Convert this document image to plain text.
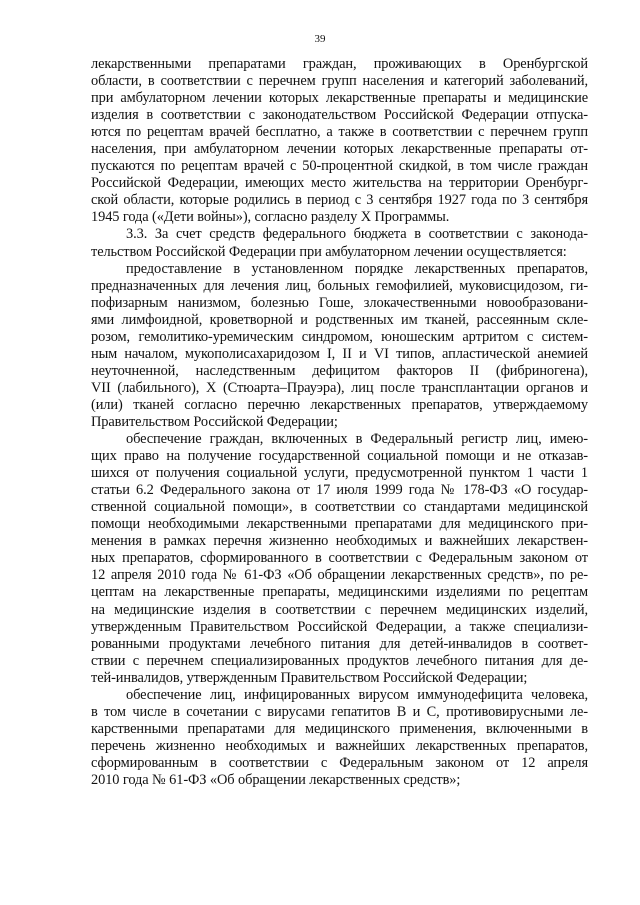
39
лекарственными препаратами граждан, проживающих в Оренбургской
области, в соответствии с перечнем групп населения и категорий заболеваний,
при амбулаторном лечении которых лекарственные препараты и медицинские
изделия в соответствии с законодательством Российской Федерации отпуска-
ются по рецептам врачей бесплатно, а также в соответствии с перечнем групп
населения, при амбулаторном лечении которых лекарственные препараты от-
пускаются по рецептам врачей с 50-процентной скидкой, в том числе граждан
Российской Федерации, имеющих место жительства на территории Оренбург-
ской области, которые родились в период с 3 сентября 1927 года по 3 сентября
1945 года («Дети войны»), согласно разделу X Программы.
3.3. За счет средств федерального бюджета в соответствии с законода-
тельством Российской Федерации при амбулаторном лечении осуществляется:
предоставление в установленном порядке лекарственных препаратов,
предназначенных для лечения лиц, больных гемофилией, муковисцидозом, ги-
пофизарным нанизмом, болезнью Гоше, злокачественными новообразовани-
ями лимфоидной, кроветворной и родственных им тканей, рассеянным скле-
розом, гемолитико-уремическим синдромом, юношеским артритом с систем-
ным началом, мукополисахаридозом I, II и VI типов, апластической анемией
неуточненной, наследственным дефицитом факторов II (фибриногена),
VII (лабильного), X (Стюарта–Прауэра), лиц после трансплантации органов и
(или) тканей согласно перечню лекарственных препаратов, утверждаемому
Правительством Российской Федерации;
обеспечение граждан, включенных в Федеральный регистр лиц, имею-
щих право на получение государственной социальной помощи и не отказав-
шихся от получения социальной услуги, предусмотренной пунктом 1 части 1
статьи 6.2 Федерального закона от 17 июля 1999 года № 178-ФЗ «О государ-
ственной социальной помощи», в соответствии со стандартами медицинской
помощи необходимыми лекарственными препаратами для медицинского при-
менения в рамках перечня жизненно необходимых и важнейших лекарствен-
ных препаратов, сформированного в соответствии с Федеральным законом от
12 апреля 2010 года № 61-ФЗ «Об обращении лекарственных средств», по ре-
цептам на лекарственные препараты, медицинскими изделиями по рецептам
на медицинские изделия в соответствии с перечнем медицинских изделий,
утвержденным Правительством Российской Федерации, а также специализи-
рованными продуктами лечебного питания для детей-инвалидов в соответ-
ствии с перечнем специализированных продуктов лечебного питания для де-
тей-инвалидов, утвержденным Правительством Российской Федерации;
обеспечение лиц, инфицированных вирусом иммунодефицита человека,
в том числе в сочетании с вирусами гепатитов B и C, противовирусными ле-
карственными препаратами для медицинского применения, включенными в
перечень жизненно необходимых и важнейших лекарственных препаратов,
сформированным в соответствии с Федеральным законом от 12 апреля
2010 года № 61-ФЗ «Об обращении лекарственных средств»;
